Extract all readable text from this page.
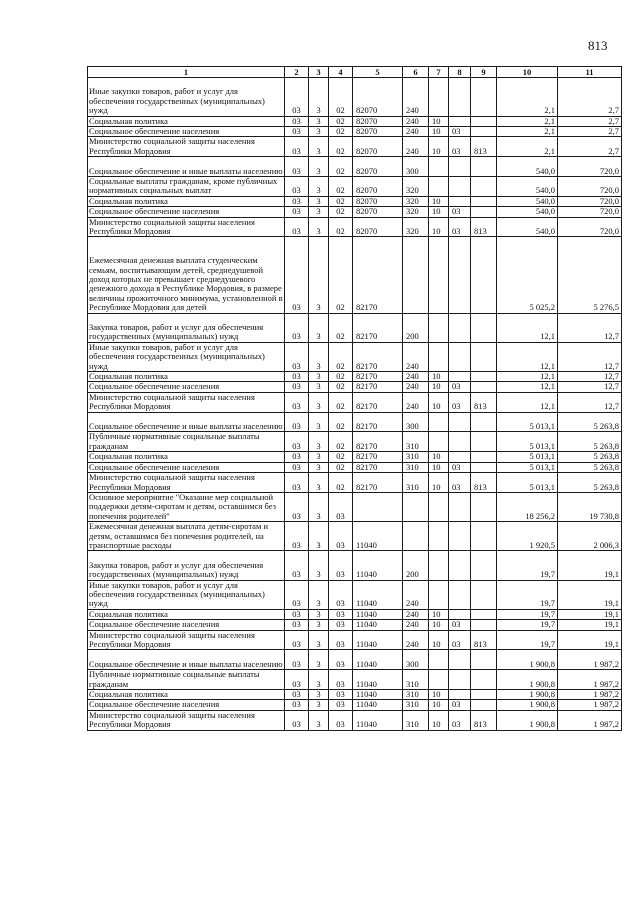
813
1	2	3	4	5	6	7	8	9	10	11
Иные закупки товаров, работ и услуг для обеспечения государственных (муниципальных) нужд	03	3	02	82070	240				2,1	2,7
Социальная политика	03	3	02	82070	240	10			2,1	2,7
Социальное обеспечение населения	03	3	02	82070	240	10	03		2,1	2,7
Министерство социальной защиты населения Республики Мордовия	03	3	02	82070	240	10	03	813	2,1	2,7
Социальное обеспечение и иные выплаты населению	03	3	02	82070	300				540,0	720,0
Социальные выплаты гражданам, кроме публичных нормативных социальных выплат	03	3	02	82070	320				540,0	720,0
Социальная политика	03	3	02	82070	320	10			540,0	720,0
Социальное обеспечение населения	03	3	02	82070	320	10	03		540,0	720,0
Министерство социальной защиты населения Республики Мордовия	03	3	02	82070	320	10	03	813	540,0	720,0
Ежемесячная денежная выплата студенческим семьям, воспитывающим детей, среднедушевой доход которых не превышает среднедушевого денежного дохода в Республике Мордовия, в размере величины прожиточного минимума, установленной в Республике Мордовия для детей	03	3	02	82170					5 025,2	5 276,5
Закупка товаров, работ и услуг для обеспечения государственных (муниципальных) нужд	03	3	02	82170	200				12,1	12,7
Иные закупки товаров, работ и услуг для обеспечения государственных (муниципальных) нужд	03	3	02	82170	240				12,1	12,7
Социальная политика	03	3	02	82170	240	10			12,1	12,7
Социальное обеспечение населения	03	3	02	82170	240	10	03		12,1	12,7
Министерство социальной защиты населения Республики Мордовия	03	3	02	82170	240	10	03	813	12,1	12,7
Социальное обеспечение и иные выплаты населению	03	3	02	82170	300				5 013,1	5 263,8
Публичные нормативные социальные выплаты гражданам	03	3	02	82170	310				5 013,1	5 263,8
Социальная политика	03	3	02	82170	310	10			5 013,1	5 263,8
Социальное обеспечение населения	03	3	02	82170	310	10	03		5 013,1	5 263,8
Министерство социальной защиты населения Республики Мордовия	03	3	02	82170	310	10	03	813	5 013,1	5 263,8
Основное мероприятие "Оказание мер социальной поддержки детям-сиротам и детям, оставшимся без попечения родителей"	03	3	03						18 256,2	19 730,8
Ежемесячная денежная выплата детям-сиротам и детям, оставшимся без попечения родителей, на транспортные расходы	03	3	03	11040					1 920,5	2 006,3
Закупка товаров, работ и услуг для обеспечения государственных (муниципальных) нужд	03	3	03	11040	200				19,7	19,1
Иные закупки товаров, работ и услуг для обеспечения государственных (муниципальных) нужд	03	3	03	11040	240				19,7	19,1
Социальная политика	03	3	03	11040	240	10			19,7	19,1
Социальное обеспечение населения	03	3	03	11040	240	10	03		19,7	19,1
Министерство социальной защиты населения Республики Мордовия	03	3	03	11040	240	10	03	813	19,7	19,1
Социальное обеспечение и иные выплаты населению	03	3	03	11040	300				1 900,8	1 987,2
Публичные нормативные социальные выплаты гражданам	03	3	03	11040	310				1 900,8	1 987,2
Социальная политика	03	3	03	11040	310	10			1 900,8	1 987,2
Социальное обеспечение населения	03	3	03	11040	310	10	03		1 900,8	1 987,2
Министерство социальной защиты населения Республики Мордовия	03	3	03	11040	310	10	03	813	1 900,8	1 987,2
